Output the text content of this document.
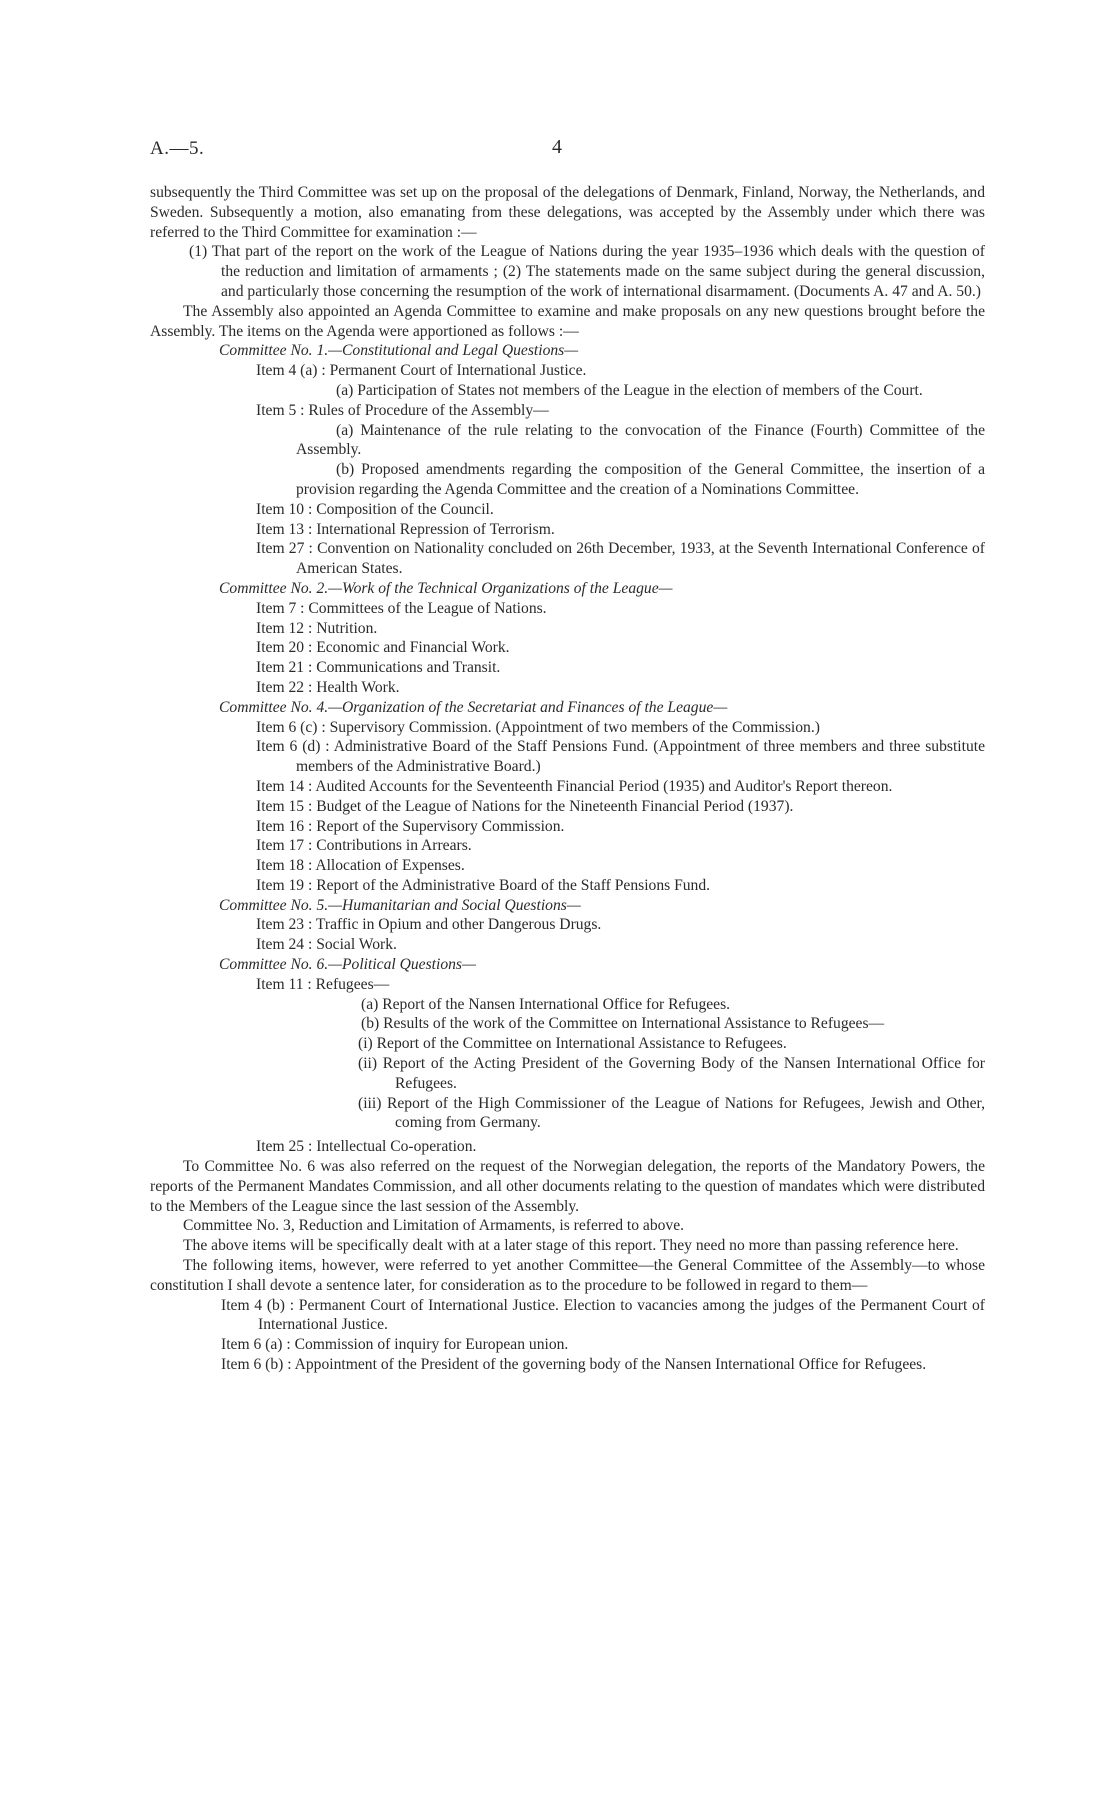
A.—5.	4

subsequently the Third Committee was set up on the proposal of the delegations of Denmark, Finland, Norway, the Netherlands, and Sweden. Subsequently a motion, also emanating from these delegations, was accepted by the Assembly under which there was referred to the Third Committee for examination :—

(1) That part of the report on the work of the League of Nations during the year 1935–1936 which deals with the question of the reduction and limitation of armaments ; (2) The statements made on the same subject during the general discussion, and particularly those concerning the resumption of the work of international disarmament. (Documents A. 47 and A. 50.)

The Assembly also appointed an Agenda Committee to examine and make proposals on any new questions brought before the Assembly. The items on the Agenda were apportioned as follows :—

Committee No. 1.—Constitutional and Legal Questions—

Item 4 (a) : Permanent Court of International Justice.

(a) Participation of States not members of the League in the election of members of the Court.

Item 5 : Rules of Procedure of the Assembly—

(a) Maintenance of the rule relating to the convocation of the Finance (Fourth) Committee of the Assembly.

(b) Proposed amendments regarding the composition of the General Committee, the insertion of a provision regarding the Agenda Committee and the creation of a Nominations Committee.

Item 10 : Composition of the Council.

Item 13 : International Repression of Terrorism.

Item 27 : Convention on Nationality concluded on 26th December, 1933, at the Seventh International Conference of American States.

Committee No. 2.—Work of the Technical Organizations of the League—

Item 7 : Committees of the League of Nations.

Item 12 : Nutrition.

Item 20 : Economic and Financial Work.

Item 21 : Communications and Transit.

Item 22 : Health Work.

Committee No. 4.—Organization of the Secretariat and Finances of the League—

Item 6 (c) : Supervisory Commission. (Appointment of two members of the Commission.)

Item 6 (d) : Administrative Board of the Staff Pensions Fund. (Appointment of three members and three substitute members of the Administrative Board.)

Item 14 : Audited Accounts for the Seventeenth Financial Period (1935) and Auditor's Report thereon.

Item 15 : Budget of the League of Nations for the Nineteenth Financial Period (1937).

Item 16 : Report of the Supervisory Commission.

Item 17 : Contributions in Arrears.

Item 18 : Allocation of Expenses.

Item 19 : Report of the Administrative Board of the Staff Pensions Fund.

Committee No. 5.—Humanitarian and Social Questions—

Item 23 : Traffic in Opium and other Dangerous Drugs.

Item 24 : Social Work.

Committee No. 6.—Political Questions—

Item 11 : Refugees—

(a) Report of the Nansen International Office for Refugees.

(b) Results of the work of the Committee on International Assistance to Refugees—

(i) Report of the Committee on International Assistance to Refugees.

(ii) Report of the Acting President of the Governing Body of the Nansen International Office for Refugees.

(iii) Report of the High Commissioner of the League of Nations for Refugees, Jewish and Other, coming from Germany.

Item 25 : Intellectual Co-operation.

To Committee No. 6 was also referred on the request of the Norwegian delegation, the reports of the Mandatory Powers, the reports of the Permanent Mandates Commission, and all other documents relating to the question of mandates which were distributed to the Members of the League since the last session of the Assembly.

Committee No. 3, Reduction and Limitation of Armaments, is referred to above.

The above items will be specifically dealt with at a later stage of this report. They need no more than passing reference here.

The following items, however, were referred to yet another Committee—the General Committee of the Assembly—to whose constitution I shall devote a sentence later, for consideration as to the procedure to be followed in regard to them—

Item 4 (b) : Permanent Court of International Justice. Election to vacancies among the judges of the Permanent Court of International Justice.

Item 6 (a) : Commission of inquiry for European union.

Item 6 (b) : Appointment of the President of the governing body of the Nansen International Office for Refugees.
